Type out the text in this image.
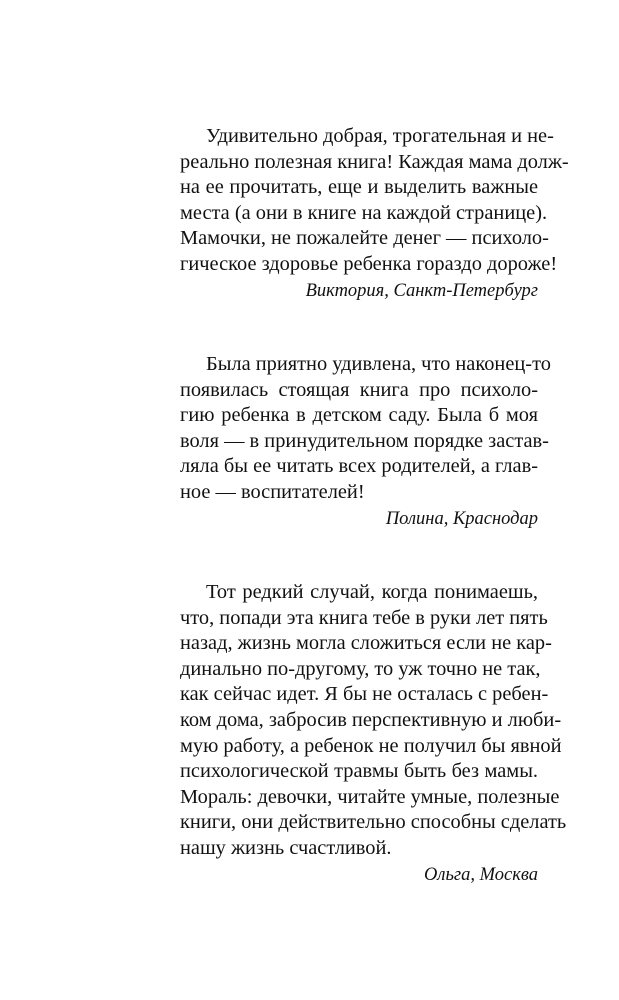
Удивительно добрая, трогательная и не-
реально полезная книга! Каждая мама долж-
на ее прочитать, еще и выделить важные
места (а они в книге на каждой странице).
Мамочки, не пожалейте денег — психоло-
гическое здоровье ребенка гораздо дороже!
Виктория, Санкт-Петербург
Была приятно удивлена, что наконец-то
появилась стоящая книга про психоло-
гию ребенка в детском саду. Была б моя
воля — в принудительном порядке застав-
ляла бы ее читать всех родителей, а глав-
ное — воспитателей!
Полина, Краснодар
Тот редкий случай, когда понимаешь,
что, попади эта книга тебе в руки лет пять
назад, жизнь могла сложиться если не кар-
динально по-другому, то уж точно не так,
как сейчас идет. Я бы не осталась с ребен-
ком дома, забросив перспективную и люби-
мую работу, а ребенок не получил бы явной
психологической травмы быть без мамы.
Мораль: девочки, читайте умные, полезные
книги, они действительно способны сделать
нашу жизнь счастливой.
Ольга, Москва
